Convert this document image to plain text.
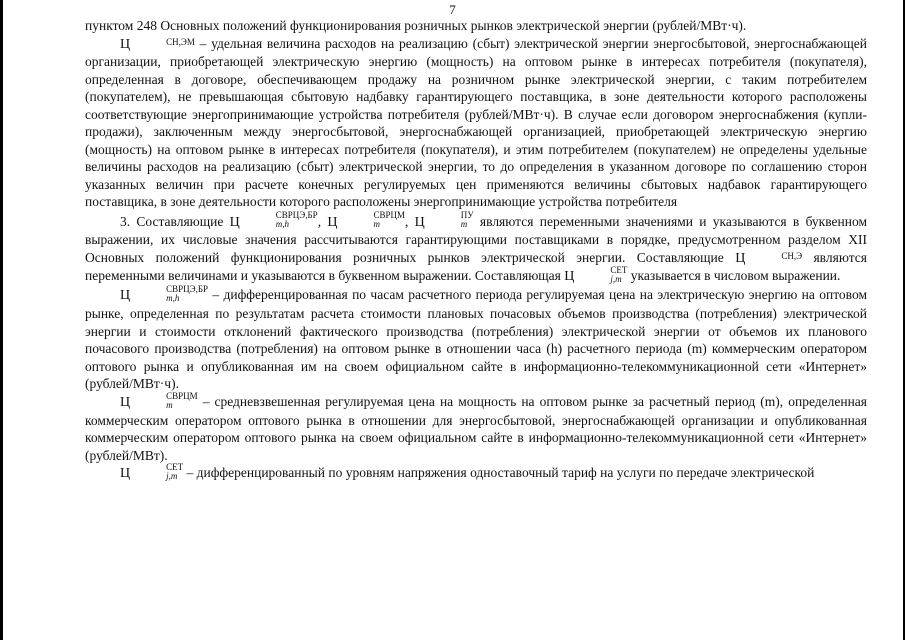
7

пунктом 248 Основных положений функционирования розничных рынков электрической энергии (рублей/МВт·ч).

Ц	СН,ЭМ – удельная величина расходов на реализацию (сбыт) электрической энергии энергосбытовой, энергоснабжающей организации, приобретающей электрическую энергию (мощность) на оптовом рынке в интересах потребителя (покупателя), определенная в договоре, обеспечивающем продажу на розничном рынке электрической энергии, с таким потребителем (покупателем), не превышающая сбытовую надбавку гарантирующего поставщика, в зоне деятельности которого расположены соответствующие энергопринимающие устройства потребителя (рублей/МВт·ч). В случае если договором энергоснабжения (купли-продажи), заключенным между энергосбытовой, энергоснабжающей организацией, приобретающей электрическую энергию (мощность) на оптовом рынке в интересах потребителя (покупателя), и этим потребителем (покупателем) не определены удельные величины расходов на реализацию (сбыт) электрической энергии, то до определения в указанном договоре по соглашению сторон указанных величин при расчете конечных регулируемых цен применяются величины сбытовых надбавок гарантирующего поставщика, в зоне деятельности которого расположены энергопринимающие устройства потребителя

3. Составляющие Ц	СВРЦЭ,БР
m,h	, Ц	СВРЦМ
m	, Ц	ПУ
m являются переменными значениями и указываются в буквенном выражении, их числовые значения рассчитываются гарантирующими поставщиками в порядке, предусмотренном разделом XII Основных положений функционирования розничных рынков электрической энергии. Составляющие Ц	СН,Э являются переменными величинами и указываются в буквенном выражении. Составляющая Ц	СЕТ
j,m указывается в числовом выражении.

Ц	СВРЦЭ,БР
m,h	– дифференцированная по часам расчетного периода регулируемая цена на электрическую энергию на оптовом рынке, определенная по результатам расчета стоимости плановых почасовых объемов производства (потребления) электрической энергии и стоимости отклонений фактического производства (потребления) электрической энергии от объемов их планового почасового производства (потребления) на оптовом рынке в отношении часа (h) расчетного периода (m) коммерческим оператором оптового рынка и опубликованная им на своем официальном сайте в информационно-телекоммуникационной сети «Интернет» (рублей/МВт·ч).

Ц	СВРЦМ
m	– средневзвешенная регулируемая цена на мощность на оптовом рынке за расчетный период (m), определенная коммерческим оператором оптового рынка в отношении для энергосбытовой, энергоснабжающей организации и опубликованная коммерческим оператором оптового рынка на своем официальном сайте в информационно-телекоммуникационной сети «Интернет» (рублей/МВт).

Ц	СЕТ
j,m – дифференцированный по уровням напряжения одноставочный тариф на услуги по передаче электрической
